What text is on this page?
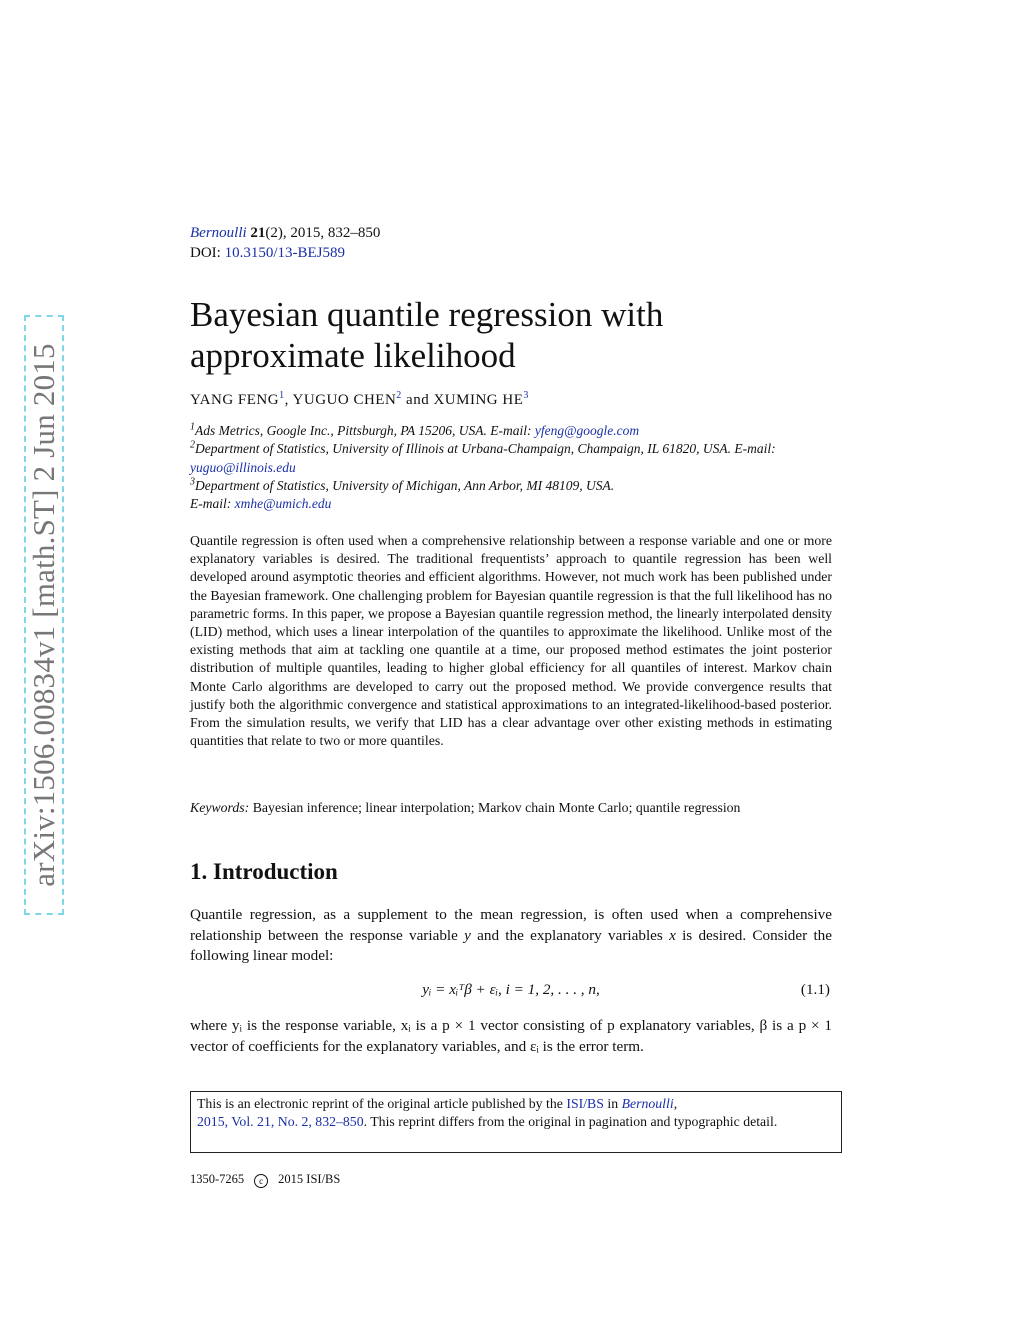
arXiv:1506.00834v1 [math.ST] 2 Jun 2015
Bernoulli 21(2), 2015, 832–850
DOI: 10.3150/13-BEJ589
Bayesian quantile regression with
approximate likelihood
YANG FENG$^1$, YUGUO CHEN$^2$ and XUMING $HE^3$
$^1$Ads Metrics, Google Inc., Pittsburgh, PA 15206, USA. E-mail: yfeng@google.com
$^2$Department of Statistics, University of Illinois at Urbana-Champaign, Champaign, IL 61820, USA. E-mail: yuguo@illinois.edu
$^3$Department of Statistics, University of Michigan, Ann Arbor, MI 48109, USA.
E-mail: xmhe@umich.edu

Quantile regression is often used when a comprehensive relationship between a response variable and one or more explanatory variables is desired. The traditional frequentists’ approach to quantile regression has been well developed around asymptotic theories and efficient algorithms. However, not much work has been published under the Bayesian framework. One challenging problem for Bayesian quantile regression is that the full likelihood has no parametric forms. In this paper, we propose a Bayesian quantile regression method, the linearly interpolated density (LID) method, which uses a linear interpolation of the quantiles to approximate the likelihood. Unlike most of the existing methods that aim at tackling one quantile at a time, our proposed method estimates the joint posterior distribution of multiple quantiles, leading to higher global efficiency for all quantiles of interest. Markov chain Monte Carlo algorithms are developed to carry out the proposed method. We provide convergence results that justify both the algorithmic convergence and statistical approximations to an integrated-likelihood-based posterior. From the simulation results, we verify that LID has a clear advantage over other existing methods in estimating quantities that relate to two or more quantiles.

Keywords: Bayesian inference; linear interpolation; Markov chain Monte Carlo; quantile regression

1. Introduction

Quantile regression, as a supplement to the mean regression, is often used when a comprehensive relationship between the response variable y and the explanatory variables x is desired. Consider the following linear model:

yᵢ = xᵢᵀβ + εᵢ, i = 1, 2, . . . , n,	(1.1)

where yᵢ is the response variable, xᵢ is a p × 1 vector consisting of p explanatory variables, β is a p × 1 vector of coefficients for the explanatory variables, and εᵢ is the error term.

This is an electronic reprint of the original article published by the ISI/BS in Bernoulli,
2015, Vol. 21, No. 2, 832–850. This reprint differs from the original in pagination and typographic detail.
1350-7265 c 2015 ISI/BS
